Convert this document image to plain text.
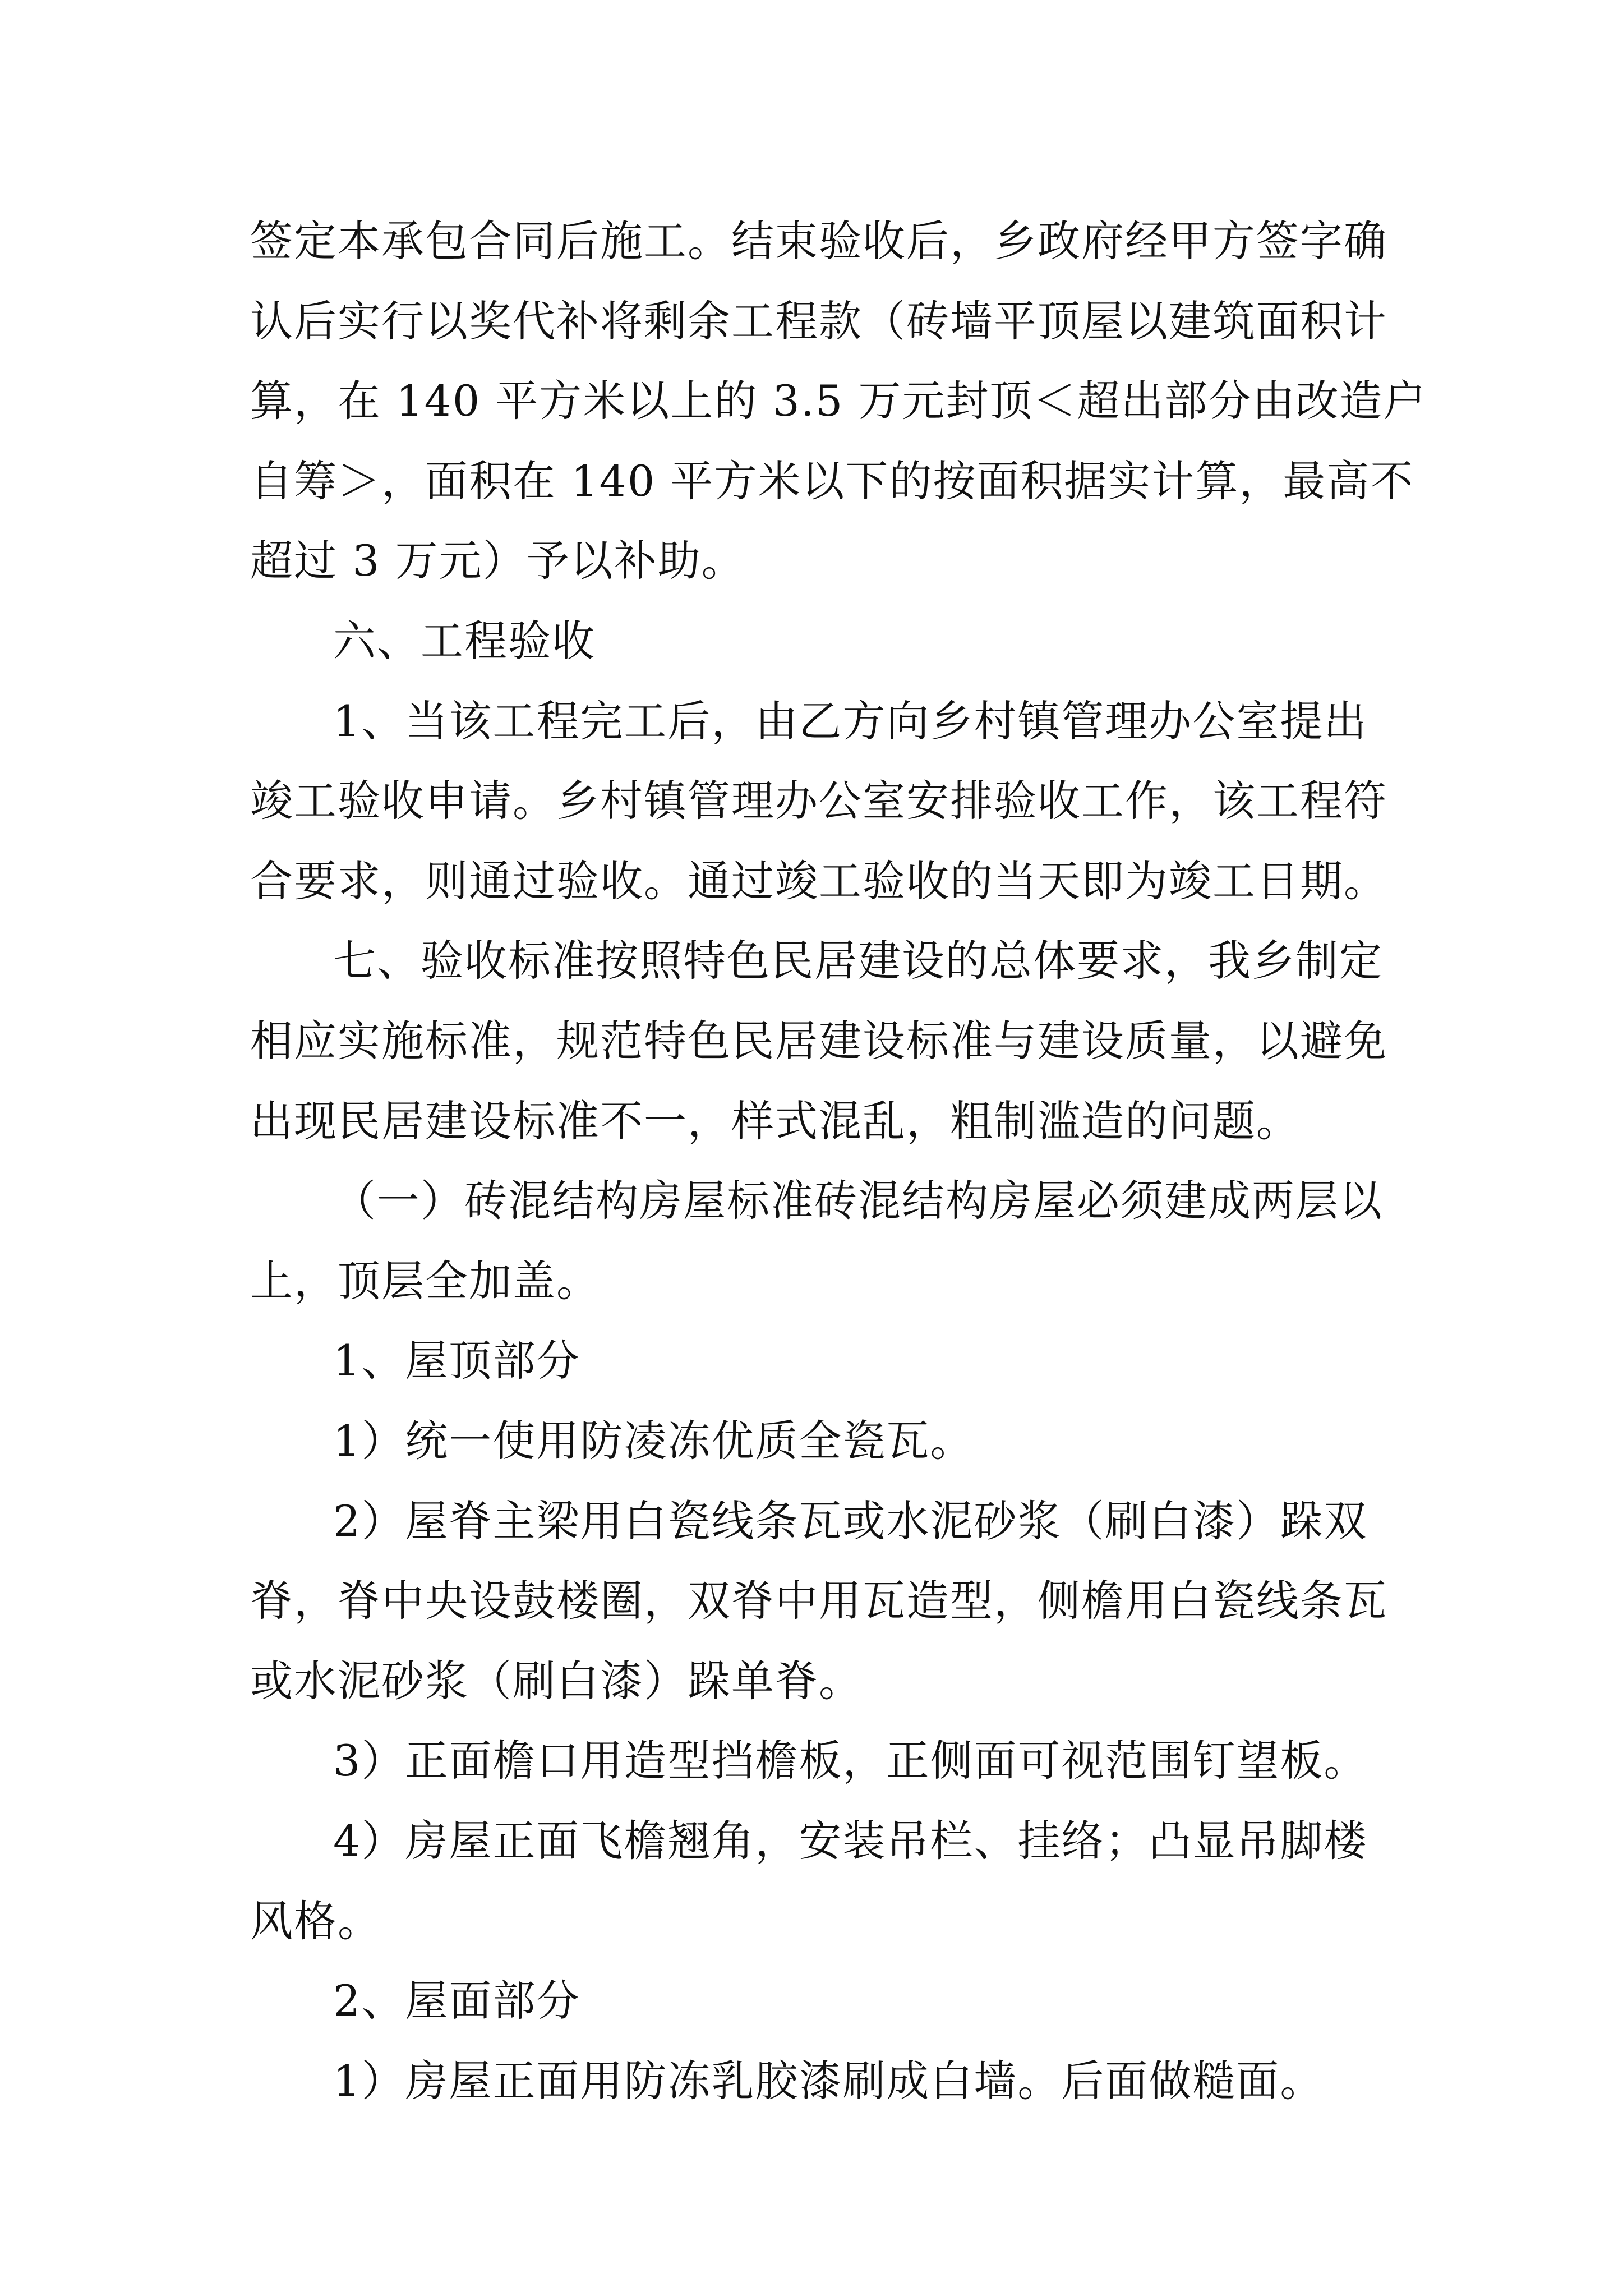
签定本承包合同后施工。结束验收后，乡政府经甲方签字确
认后实行以奖代补将剩余工程款（砖墙平顶屋以建筑面积计
算，在 140 平方米以上的 3.5 万元封顶＜超出部分由改造户
自筹＞，面积在 140 平方米以下的按面积据实计算，最高不
超过 3 万元）予以补助。
六、工程验收
1、当该工程完工后，由乙方向乡村镇管理办公室提出
竣工验收申请。乡村镇管理办公室安排验收工作，该工程符
合要求，则通过验收。通过竣工验收的当天即为竣工日期。
七、验收标准按照特色民居建设的总体要求，我乡制定
相应实施标准，规范特色民居建设标准与建设质量，以避免
出现民居建设标准不一，样式混乱，粗制滥造的问题。
（一）砖混结构房屋标准砖混结构房屋必须建成两层以
上，顶层全加盖。
1、屋顶部分
1）统一使用防凌冻优质全瓷瓦。
2）屋脊主梁用白瓷线条瓦或水泥砂浆（刷白漆）跺双
脊，脊中央设鼓楼圈，双脊中用瓦造型，侧檐用白瓷线条瓦
或水泥砂浆（刷白漆）跺单脊。
3）正面檐口用造型挡檐板，正侧面可视范围钉望板。
4）房屋正面飞檐翘角，安装吊栏、挂络；凸显吊脚楼
风格。
2、屋面部分
1）房屋正面用防冻乳胶漆刷成白墙。后面做糙面。
